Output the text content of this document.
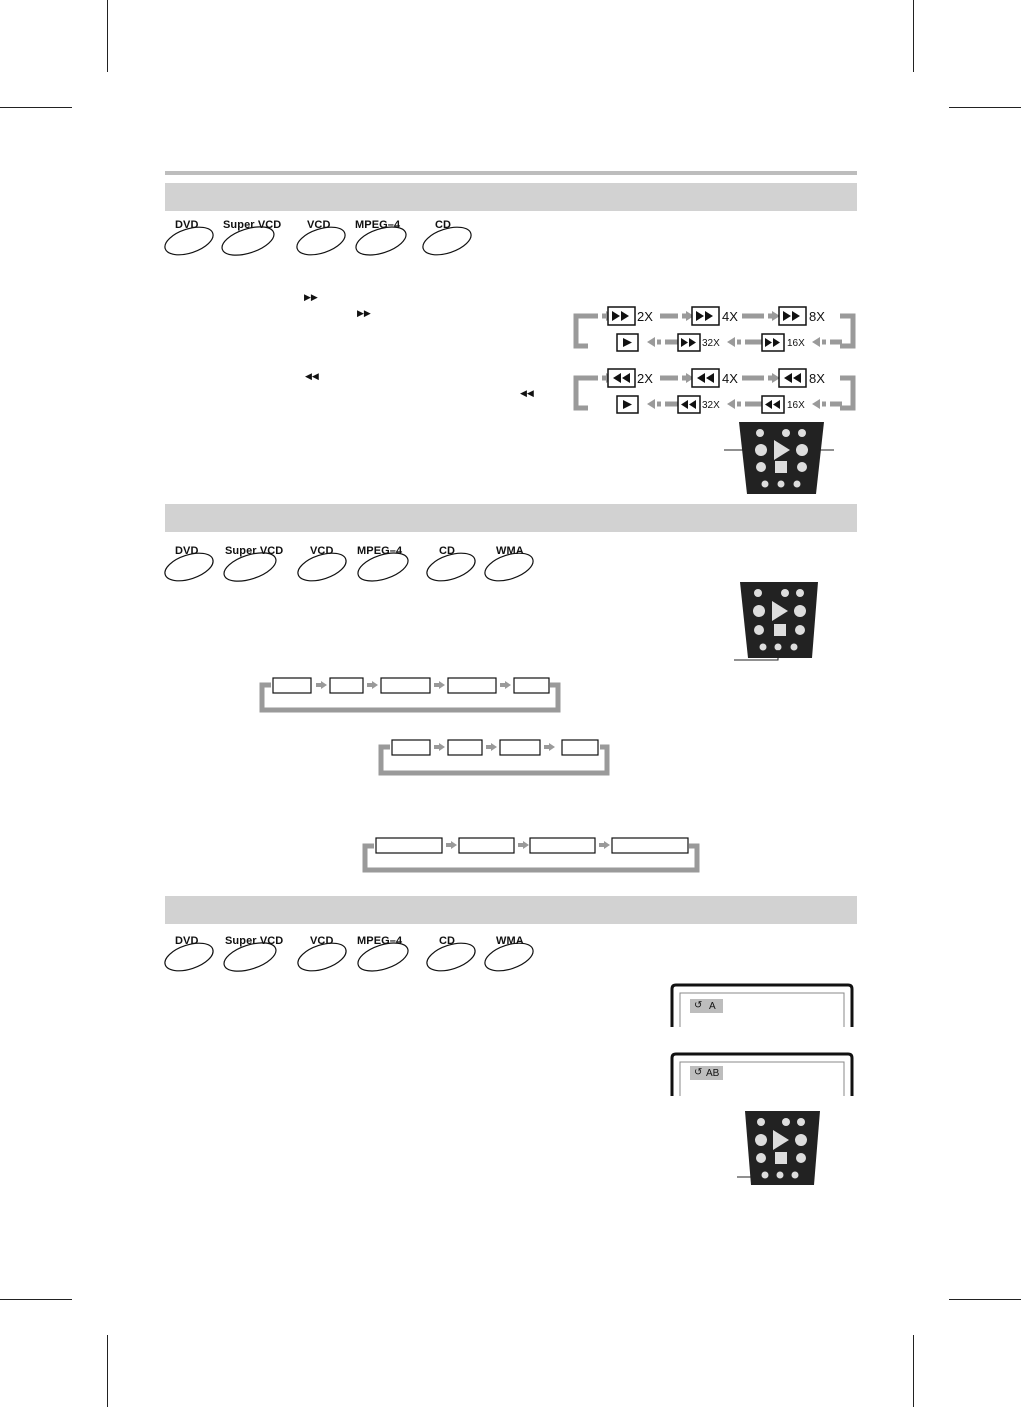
DVD Super VCD VCD MPEG–4	CD
▶▶
▶▶
◀◀
◀◀
2X	4X	8X
32X	16X
2X	4X	8X
32X	16X
DVD Super VCD VCD MPEG–4	CD	WMA
DVD Super VCD VCD MPEG–4	CD	WMA
↺ A
↺ AB
